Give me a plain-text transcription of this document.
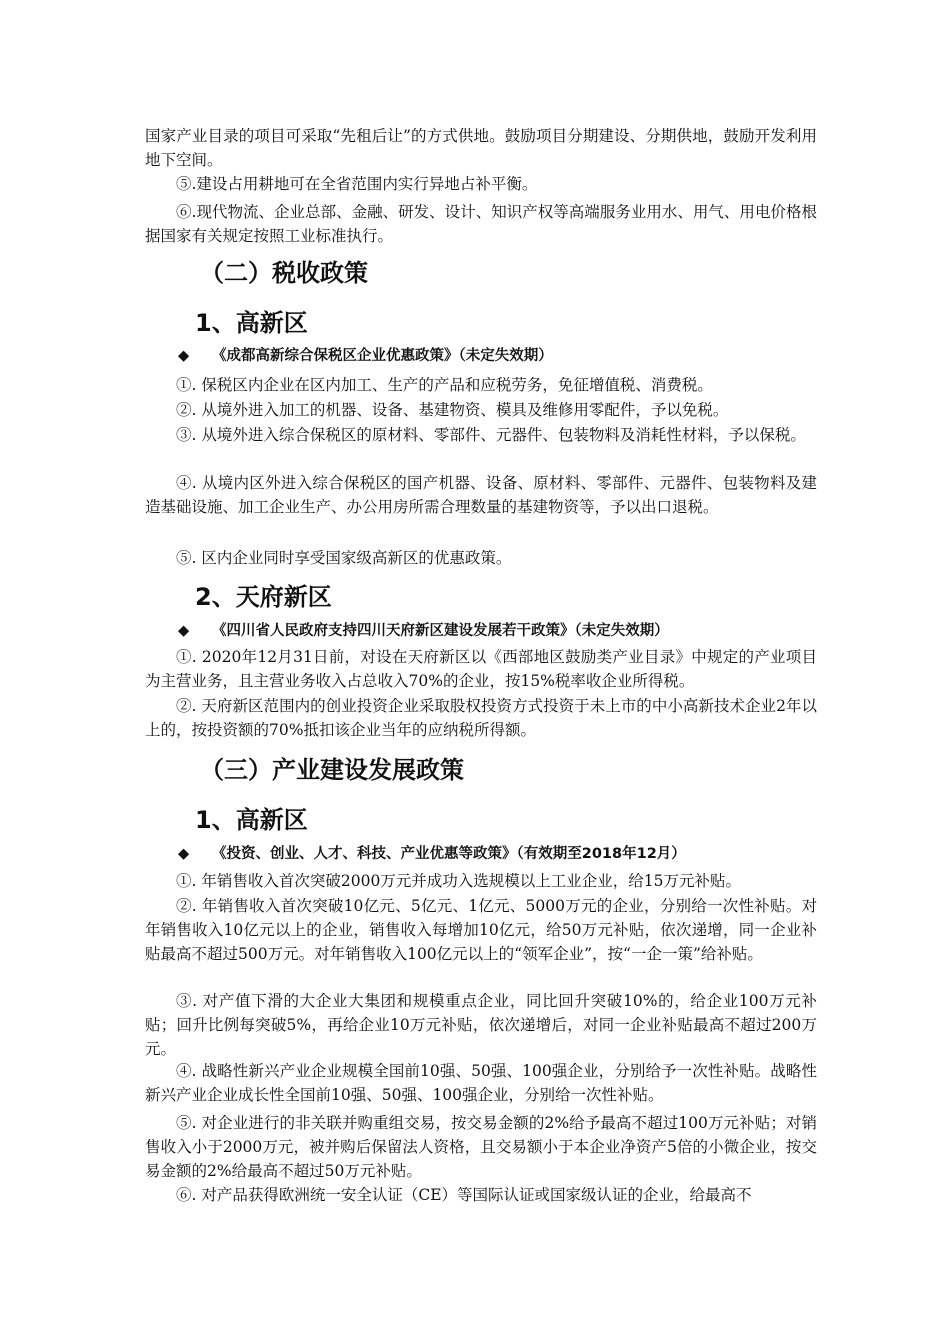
国家产业目录的项目可采取“先租后让”的方式供地。鼓励项目分期建设、分期供地，鼓励开发利用地下空间。

⑤.建设占用耕地可在全省范围内实行异地占补平衡。

⑥.现代物流、企业总部、金融、研发、设计、知识产权等高端服务业用水、用气、用电价格根据国家有关规定按照工业标准执行。

（二）税收政策
1、高新区

◆ 《成都高新综合保税区企业优惠政策》（未定失效期）

①. 保税区内企业在区内加工、生产的产品和应税劳务，免征增值税、消费税。

②. 从境外进入加工的机器、设备、基建物资、模具及维修用零配件，予以免税。

③. 从境外进入综合保税区的原材料、零部件、元器件、包装物料及消耗性材料，予以保税。

④. 从境内区外进入综合保税区的国产机器、设备、原材料、零部件、元器件、包装物料及建造基础设施、加工企业生产、办公用房所需合理数量的基建物资等，予以出口退税。

⑤. 区内企业同时享受国家级高新区的优惠政策。

2、天府新区

◆ 《四川省人民政府支持四川天府新区建设发展若干政策》（未定失效期）

①. 2020年12月31日前，对设在天府新区以《西部地区鼓励类产业目录》中规定的产业项目为主营业务，且主营业务收入占总收入70%的企业，按15%税率收企业所得税。

②. 天府新区范围内的创业投资企业采取股权投资方式投资于未上市的中小高新技术企业2年以上的，按投资额的70%抵扣该企业当年的应纳税所得额。

（三）产业建设发展政策
1、高新区

◆ 《投资、创业、人才、科技、产业优惠等政策》（有效期至2018年12月）

①. 年销售收入首次突破2000万元并成功入选规模以上工业企业，给15万元补贴。

②. 年销售收入首次突破10亿元、5亿元、1亿元、5000万元的企业，分别给一次性补贴。对年销售收入10亿元以上的企业，销售收入每增加10亿元，给50万元补贴，依次递增，同一企业补贴最高不超过500万元。对年销售收入100亿元以上的“领军企业”，按“一企一策”给补贴。

③. 对产值下滑的大企业大集团和规模重点企业，同比回升突破10%的，给企业100万元补贴；回升比例每突破5%，再给企业10万元补贴，依次递增后，对同一企业补贴最高不超过200万元。

④. 战略性新兴产业企业规模全国前10强、50强、100强企业，分别给予一次性补贴。战略性新兴产业企业成长性全国前10强、50强、100强企业，分别给一次性补贴。

⑤. 对企业进行的非关联并购重组交易，按交易金额的2%给予最高不超过100万元补贴；对销售收入小于2000万元，被并购后保留法人资格，且交易额小于本企业净资产5倍的小微企业，按交易金额的2%给最高不超过50万元补贴。

⑥. 对产品获得欧洲统一安全认证（CE）等国际认证或国家级认证的企业，给最高不
